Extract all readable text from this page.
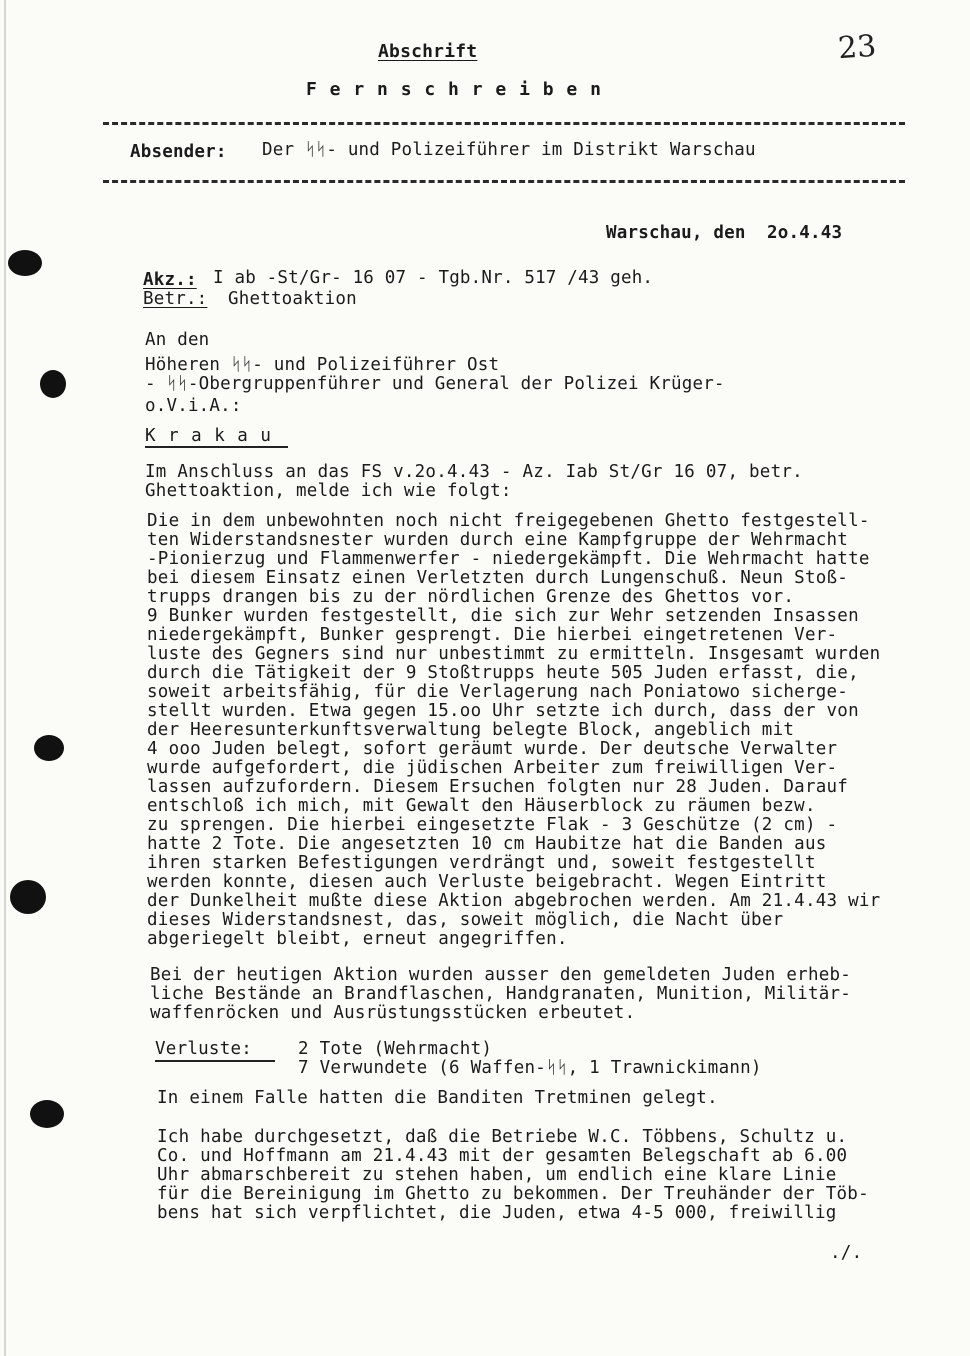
Abschrift	23
F e r n s c h r e i b e n
Absender: Der ᛋᛋ- und Polizeiführer im Distrikt Warschau
Warschau, den  2o.4.43
Akz.: I ab -St/Gr- 16 07 - Tgb.Nr. 517 /43 geh.
Betr.: Ghettoaktion
An den
Höheren ᛋᛋ- und Polizeiführer Ost
- ᛋᛋ-Obergruppenführer und General der Polizei Krüger-
o.V.i.A.:
K r a k a u
Im Anschluss an das FS v.2o.4.43 - Az. Iab St/Gr 16 07, betr.
Ghettoaktion, melde ich wie folgt:
Die in dem unbewohnten noch nicht freigegebenen Ghetto festgestell-
ten Widerstandsnester wurden durch eine Kampfgruppe der Wehrmacht
-Pionierzug und Flammenwerfer - niedergekämpft. Die Wehrmacht hatte
bei diesem Einsatz einen Verletzten durch Lungenschuß. Neun Stoß-
trupps drangen bis zu der nördlichen Grenze des Ghettos vor.
9 Bunker wurden festgestellt, die sich zur Wehr setzenden Insassen
niedergekämpft, Bunker gesprengt. Die hierbei eingetretenen Ver-
luste des Gegners sind nur unbestimmt zu ermitteln. Insgesamt wurden
durch die Tätigkeit der 9 Stoßtrupps heute 505 Juden erfasst, die,
soweit arbeitsfähig, für die Verlagerung nach Poniatowo sicherge-
stellt wurden. Etwa gegen 15.oo Uhr setzte ich durch, dass der von
der Heeresunterkunftsverwaltung belegte Block, angeblich mit
4 ooo Juden belegt, sofort geräumt wurde. Der deutsche Verwalter
wurde aufgefordert, die jüdischen Arbeiter zum freiwilligen Ver-
lassen aufzufordern. Diesem Ersuchen folgten nur 28 Juden. Darauf
entschloß ich mich, mit Gewalt den Häuserblock zu räumen bezw.
zu sprengen. Die hierbei eingesetzte Flak - 3 Geschütze (2 cm) -
hatte 2 Tote. Die angesetzten 10 cm Haubitze hat die Banden aus
ihren starken Befestigungen verdrängt und, soweit festgestellt
werden konnte, diesen auch Verluste beigebracht. Wegen Eintritt
der Dunkelheit mußte diese Aktion abgebrochen werden. Am 21.4.43 wir
dieses Widerstandsnest, das, soweit möglich, die Nacht über
abgeriegelt bleibt, erneut angegriffen.
Bei der heutigen Aktion wurden ausser den gemeldeten Juden erheb-
liche Bestände an Brandflaschen, Handgranaten, Munition, Militär-
waffenröcken und Ausrüstungsstücken erbeutet.
Verluste:	2 Tote (Wehrmacht)
7 Verwundete (6 Waffen-ᛋᛋ, 1 Trawnickimann)
In einem Falle hatten die Banditen Tretminen gelegt.
Ich habe durchgesetzt, daß die Betriebe W.C. Többens, Schultz u.
Co. und Hoffmann am 21.4.43 mit der gesamten Belegschaft ab 6.00
Uhr abmarschbereit zu stehen haben, um endlich eine klare Linie
für die Bereinigung im Ghetto zu bekommen. Der Treuhänder der Töb-
bens hat sich verpflichtet, die Juden, etwa 4-5 000, freiwillig
./.
